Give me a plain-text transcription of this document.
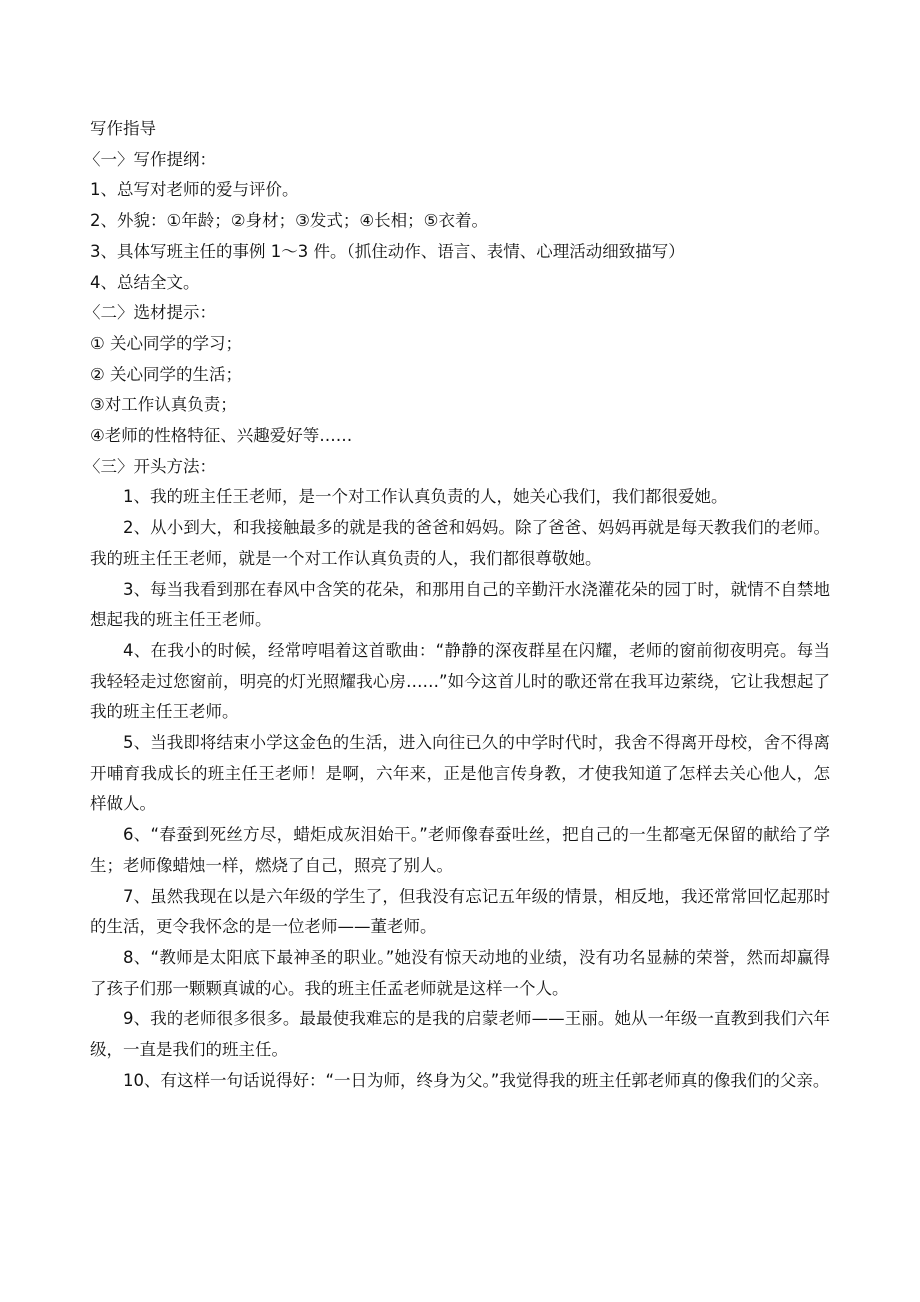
写作指导

〈一〉写作提纲：

1、总写对老师的爱与评价。

2、外貌：①年龄；②身材；③发式；④长相；⑤衣着。

3、具体写班主任的事例 1～3 件。（抓住动作、语言、表情、心理活动细致描写）

4、总结全文。

〈二〉选材提示：

① 关心同学的学习；

② 关心同学的生活；

③对工作认真负责；

④老师的性格特征、兴趣爱好等……

〈三〉开头方法：

1、我的班主任王老师，是一个对工作认真负责的人，她关心我们，我们都很爱她。

2、从小到大，和我接触最多的就是我的爸爸和妈妈。除了爸爸、妈妈再就是每天教我们的老师。我的班主任王老师，就是一个对工作认真负责的人，我们都很尊敬她。

3、每当我看到那在春风中含笑的花朵，和那用自己的辛勤汗水浇灌花朵的园丁时，就情不自禁地想起我的班主任王老师。

4、在我小的时候，经常哼唱着这首歌曲：“静静的深夜群星在闪耀，老师的窗前彻夜明亮。每当我轻轻走过您窗前，明亮的灯光照耀我心房……”如今这首儿时的歌还常在我耳边萦绕，它让我想起了我的班主任王老师。

5、当我即将结束小学这金色的生活，进入向往已久的中学时代时，我舍不得离开母校，舍不得离开哺育我成长的班主任王老师！是啊，六年来，正是他言传身教，才使我知道了怎样去关心他人，怎样做人。

6、“春蚕到死丝方尽，蜡炬成灰泪始干。”老师像春蚕吐丝，把自己的一生都毫无保留的献给了学生；老师像蜡烛一样，燃烧了自己，照亮了别人。

7、虽然我现在以是六年级的学生了，但我没有忘记五年级的情景，相反地，我还常常回忆起那时的生活，更令我怀念的是一位老师——董老师。

8、“教师是太阳底下最神圣的职业。”她没有惊天动地的业绩，没有功名显赫的荣誉，然而却赢得了孩子们那一颗颗真诚的心。我的班主任孟老师就是这样一个人。

9、我的老师很多很多。最最使我难忘的是我的启蒙老师——王丽。她从一年级一直教到我们六年级，一直是我们的班主任。

10、有这样一句话说得好：“一日为师，终身为父。”我觉得我的班主任郭老师真的像我们的父亲。
